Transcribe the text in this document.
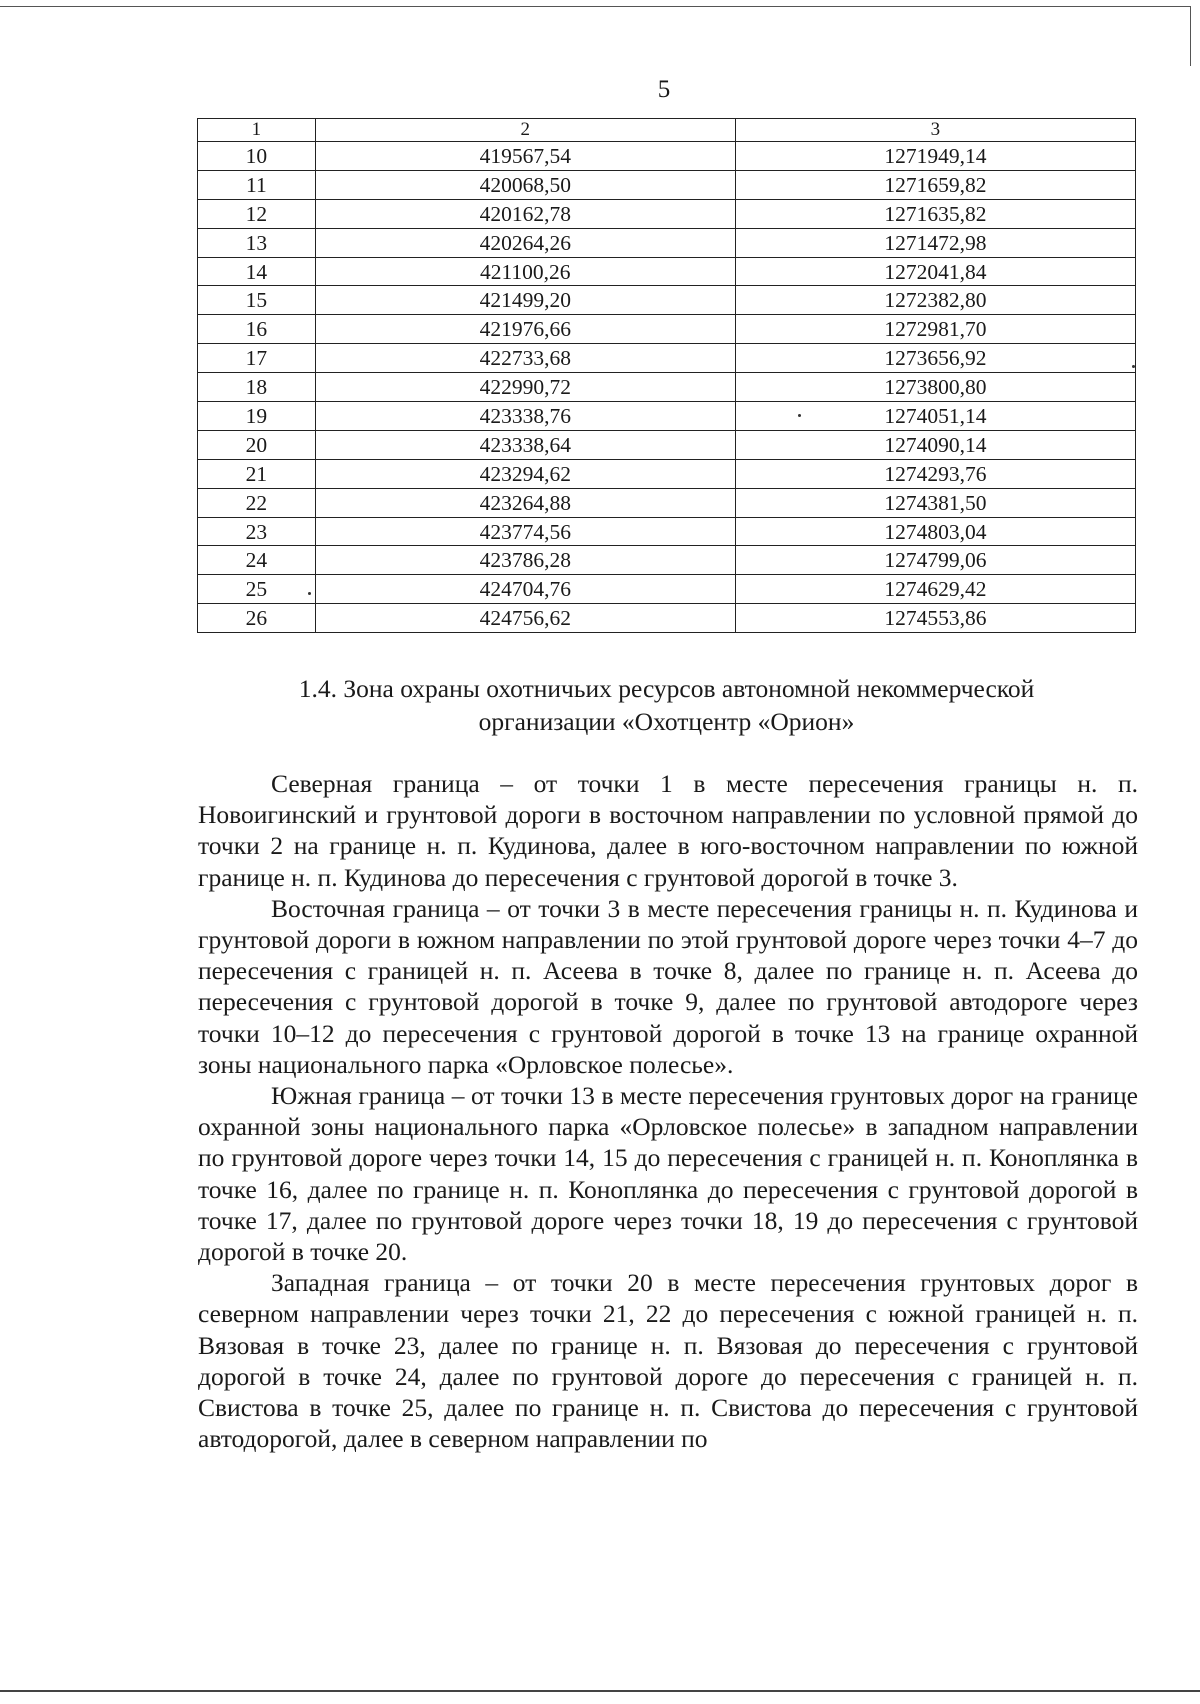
5
1	2	3
10	419567,54	1271949,14
11	420068,50	1271659,82
12	420162,78	1271635,82
13	420264,26	1271472,98
14	421100,26	1272041,84
15	421499,20	1272382,80
16	421976,66	1272981,70
17	422733,68	1273656,92
18	422990,72	1273800,80
19	423338,76	1274051,14
20	423338,64	1274090,14
21	423294,62	1274293,76
22	423264,88	1274381,50
23	423774,56	1274803,04
24	423786,28	1274799,06
25	424704,76	1274629,42
26	424756,62	1274553,86
1.4. Зона охраны охотничьих ресурсов автономной некоммерческой
организации «Охотцентр «Орион»

Северная граница – от точки 1 в месте пересечения границы н. п. Новоигинский и грунтовой дороги в восточном направлении по условной прямой до точки 2 на границе н. п. Кудинова, далее в юго-восточном направлении по южной границе н. п. Кудинова до пересечения с грунтовой дорогой в точке 3.

Восточная граница – от точки 3 в месте пересечения границы н. п. Кудинова и грунтовой дороги в южном направлении по этой грунтовой дороге через точки 4–7 до пересечения с границей н. п. Асеева в точке 8, далее по границе н. п. Асеева до пересечения с грунтовой дорогой в точке 9, далее по грунтовой автодороге через точки 10–12 до пересечения с грунтовой дорогой в точке 13 на границе охранной зоны национального парка «Орловское полесье».

Южная граница – от точки 13 в месте пересечения грунтовых дорог на границе охранной зоны национального парка «Орловское полесье» в западном направлении по грунтовой дороге через точки 14, 15 до пересечения с границей н. п. Коноплянка в точке 16, далее по границе н. п. Коноплянка до пересечения с грунтовой дорогой в точке 17, далее по грунтовой дороге через точки 18, 19 до пересечения с грунтовой дорогой в точке 20.

Западная граница – от точки 20 в месте пересечения грунтовых дорог в северном направлении через точки 21, 22 до пересечения с южной границей н. п. Вязовая в точке 23, далее по границе н. п. Вязовая до пересечения с грунтовой дорогой в точке 24, далее по грунтовой дороге до пересечения с границей н. п. Свистова в точке 25, далее по границе н. п. Свистова до пересечения с грунтовой автодорогой, далее в северном направлении по
